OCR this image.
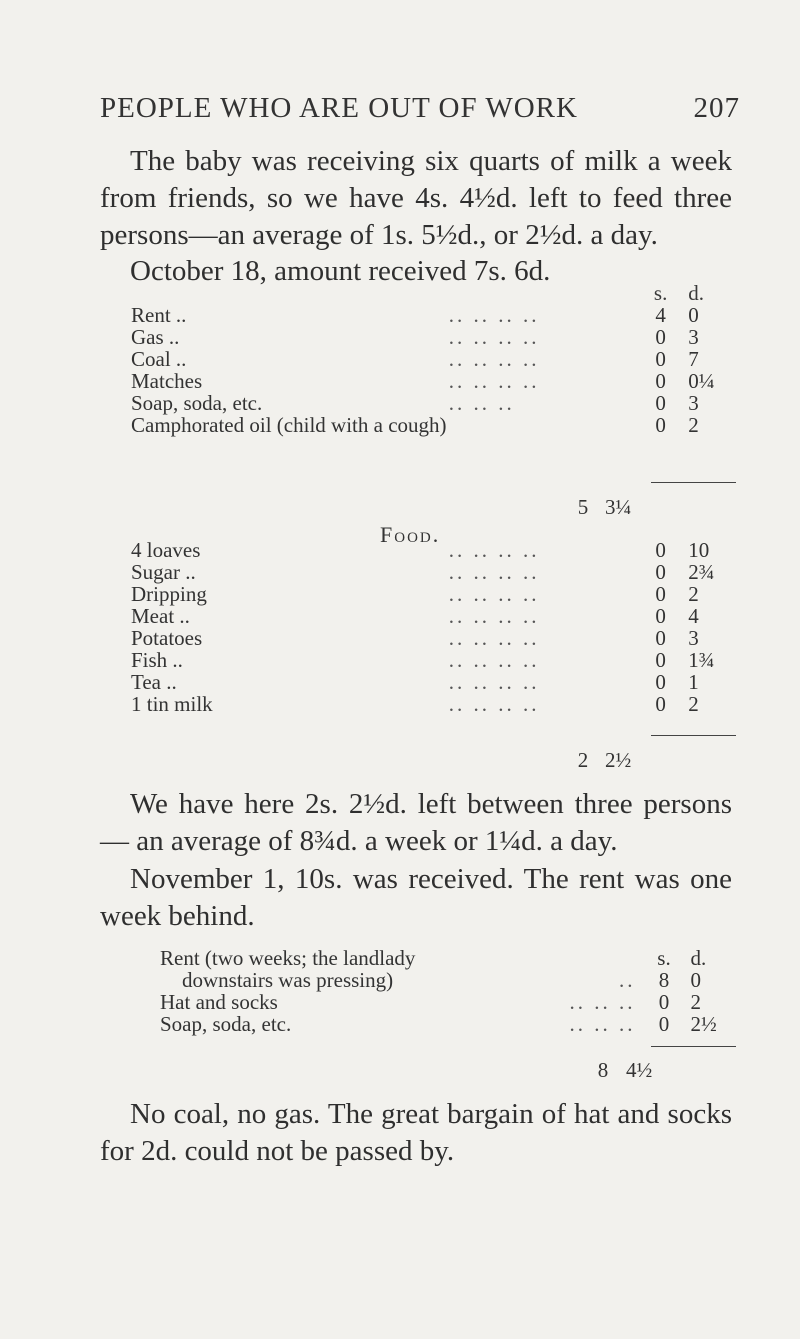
PEOPLE WHO ARE OUT OF WORK	207
The baby was receiving six quarts of milk a week from friends, so we have 4s. 4½d. left to feed three persons—an average of 1s. 5½d., or 2½d. a day.
October 18, amount received 7s. 6d.
		s.	d.
Rent ..	.. .. .. ..	4	0
Gas ..	.. .. .. ..	0	3
Coal ..	.. .. .. ..	0	7
Matches	.. .. .. ..	0	0¼
Soap, soda, etc.	.. .. ..	0	3
Camphorated oil (child with a cough)		0	2
5 3¼
Food.
4 loaves	.. .. .. ..	0	10
Sugar ..	.. .. .. ..	0	2¾
Dripping	.. .. .. ..	0	2
Meat ..	.. .. .. ..	0	4
Potatoes	.. .. .. ..	0	3
Fish ..	.. .. .. ..	0	1¾
Tea ..	.. .. .. ..	0	1
1 tin milk	.. .. .. ..	0	2
2 2½
We have here 2s. 2½d. left between three persons — an average of 8¾d. a week or 1¼d. a day.
November 1, 10s. was received. The rent was one week behind.
Rent (two weeks; the landlady		s.	d.
downstairs was pressing)	..	8	0
Hat and socks	.. .. ..	0	2
Soap, soda, etc.	.. .. ..	0	2½
8 4½
No coal, no gas. The great bargain of hat and socks for 2d. could not be passed by.
